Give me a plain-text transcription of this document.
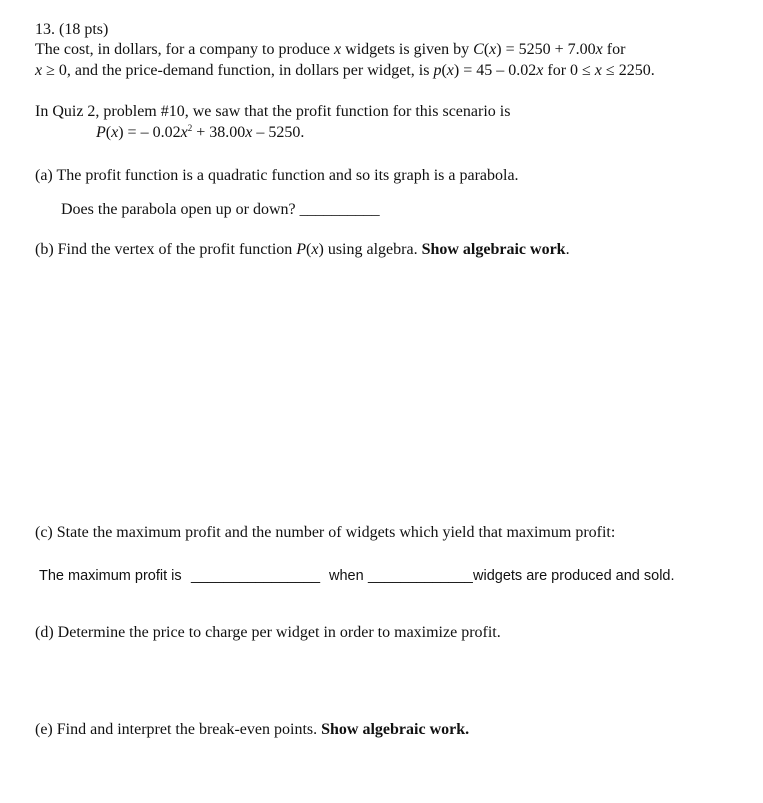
13. (18 pts)
The cost, in dollars, for a company to produce x widgets is given by C(x) = 5250 + 7.00x for
x ≥ 0, and the price-demand function, in dollars per widget, is p(x) = 45 – 0.02x for 0 ≤ x ≤ 2250.
In Quiz 2, problem #10, we saw that the profit function for this scenario is
P(x) = – $0.02x^2 + 38.00x - 5250$.
(a) The profit function is a quadratic function and so its graph is a parabola.
Does the parabola open up or down? __________
(b) Find the vertex of the profit function P(x) using algebra. Show algebraic work.
(c) State the maximum profit and the number of widgets which yield that maximum profit:
The maximum profit is ________________ when _____________ widgets are produced and sold.
(d) Determine the price to charge per widget in order to maximize profit.
(e) Find and interpret the break-even points. Show algebraic work.
